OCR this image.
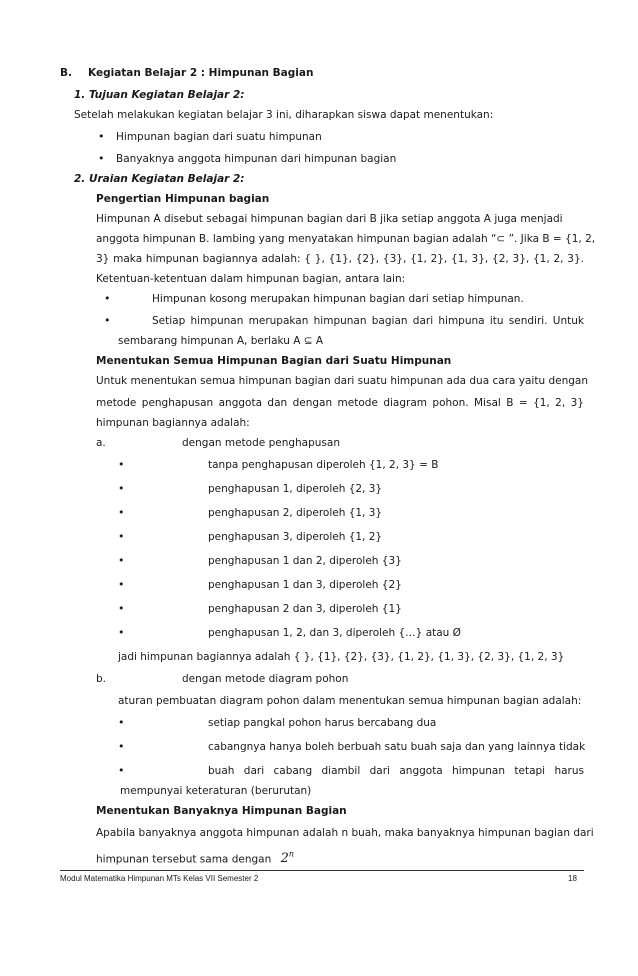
B. Kegiatan Belajar 2 : Himpunan Bagian
1. Tujuan Kegiatan Belajar 2:
Setelah melakukan kegiatan belajar 3 ini, diharapkan siswa dapat menentukan:
• Himpunan bagian dari suatu himpunan
• Banyaknya anggota himpunan dari himpunan bagian
2. Uraian Kegiatan Belajar 2:
Pengertian Himpunan bagian
Himpunan A disebut sebagai himpunan bagian dari B jika setiap anggota A juga menjadi
anggota himpunan B. lambing yang menyatakan himpunan bagian adalah “⊂ ”. Jika B = {1, 2,
3} maka himpunan bagiannya adalah: { }, {1}, {2}, {3}, {1, 2}, {1, 3}, {2, 3}, {1, 2, 3}.
Ketentuan-ketentuan dalam himpunan bagian, antara lain:
•	Himpunan kosong merupakan himpunan bagian dari setiap himpunan.
•	Setiap himpunan merupakan himpunan bagian dari himpuna itu sendiri. Untuk
sembarang himpunan A, berlaku A ⊆ A
Menentukan Semua Himpunan Bagian dari Suatu Himpunan
Untuk menentukan semua himpunan bagian dari suatu himpunan ada dua cara yaitu dengan
metode penghapusan anggota dan dengan metode diagram pohon. Misal B = {1, 2, 3}
himpunan bagiannya adalah:
a.	dengan metode penghapusan
•	tanpa penghapusan diperoleh {1, 2, 3} = B
•	penghapusan 1, diperoleh {2, 3}
•	penghapusan 2, diperoleh {1, 3}
•	penghapusan 3, diperoleh {1, 2}
•	penghapusan 1 dan 2, diperoleh {3}
•	penghapusan 1 dan 3, diperoleh {2}
•	penghapusan 2 dan 3, diperoleh {1}
•	penghapusan 1, 2, dan 3, diperoleh {…} atau Ø
jadi himpunan bagiannya adalah { }, {1}, {2}, {3}, {1, 2}, {1, 3}, {2, 3}, {1, 2, 3}
b.	dengan metode diagram pohon
aturan pembuatan diagram pohon dalam menentukan semua himpunan bagian adalah:
•	setiap pangkal pohon harus bercabang dua
•	cabangnya hanya boleh berbuah satu buah saja dan yang lainnya tidak
•	buah dari cabang diambil dari anggota himpunan tetapi harus
mempunyai keteraturan (berurutan)
Menentukan Banyaknya Himpunan Bagian
Apabila banyaknya anggota himpunan adalah n buah, maka banyaknya himpunan bagian dari
himpunan tersebut sama dengan 2$^n$
Modul Matematika Himpunan MTs Kelas VII Semester 2	18
